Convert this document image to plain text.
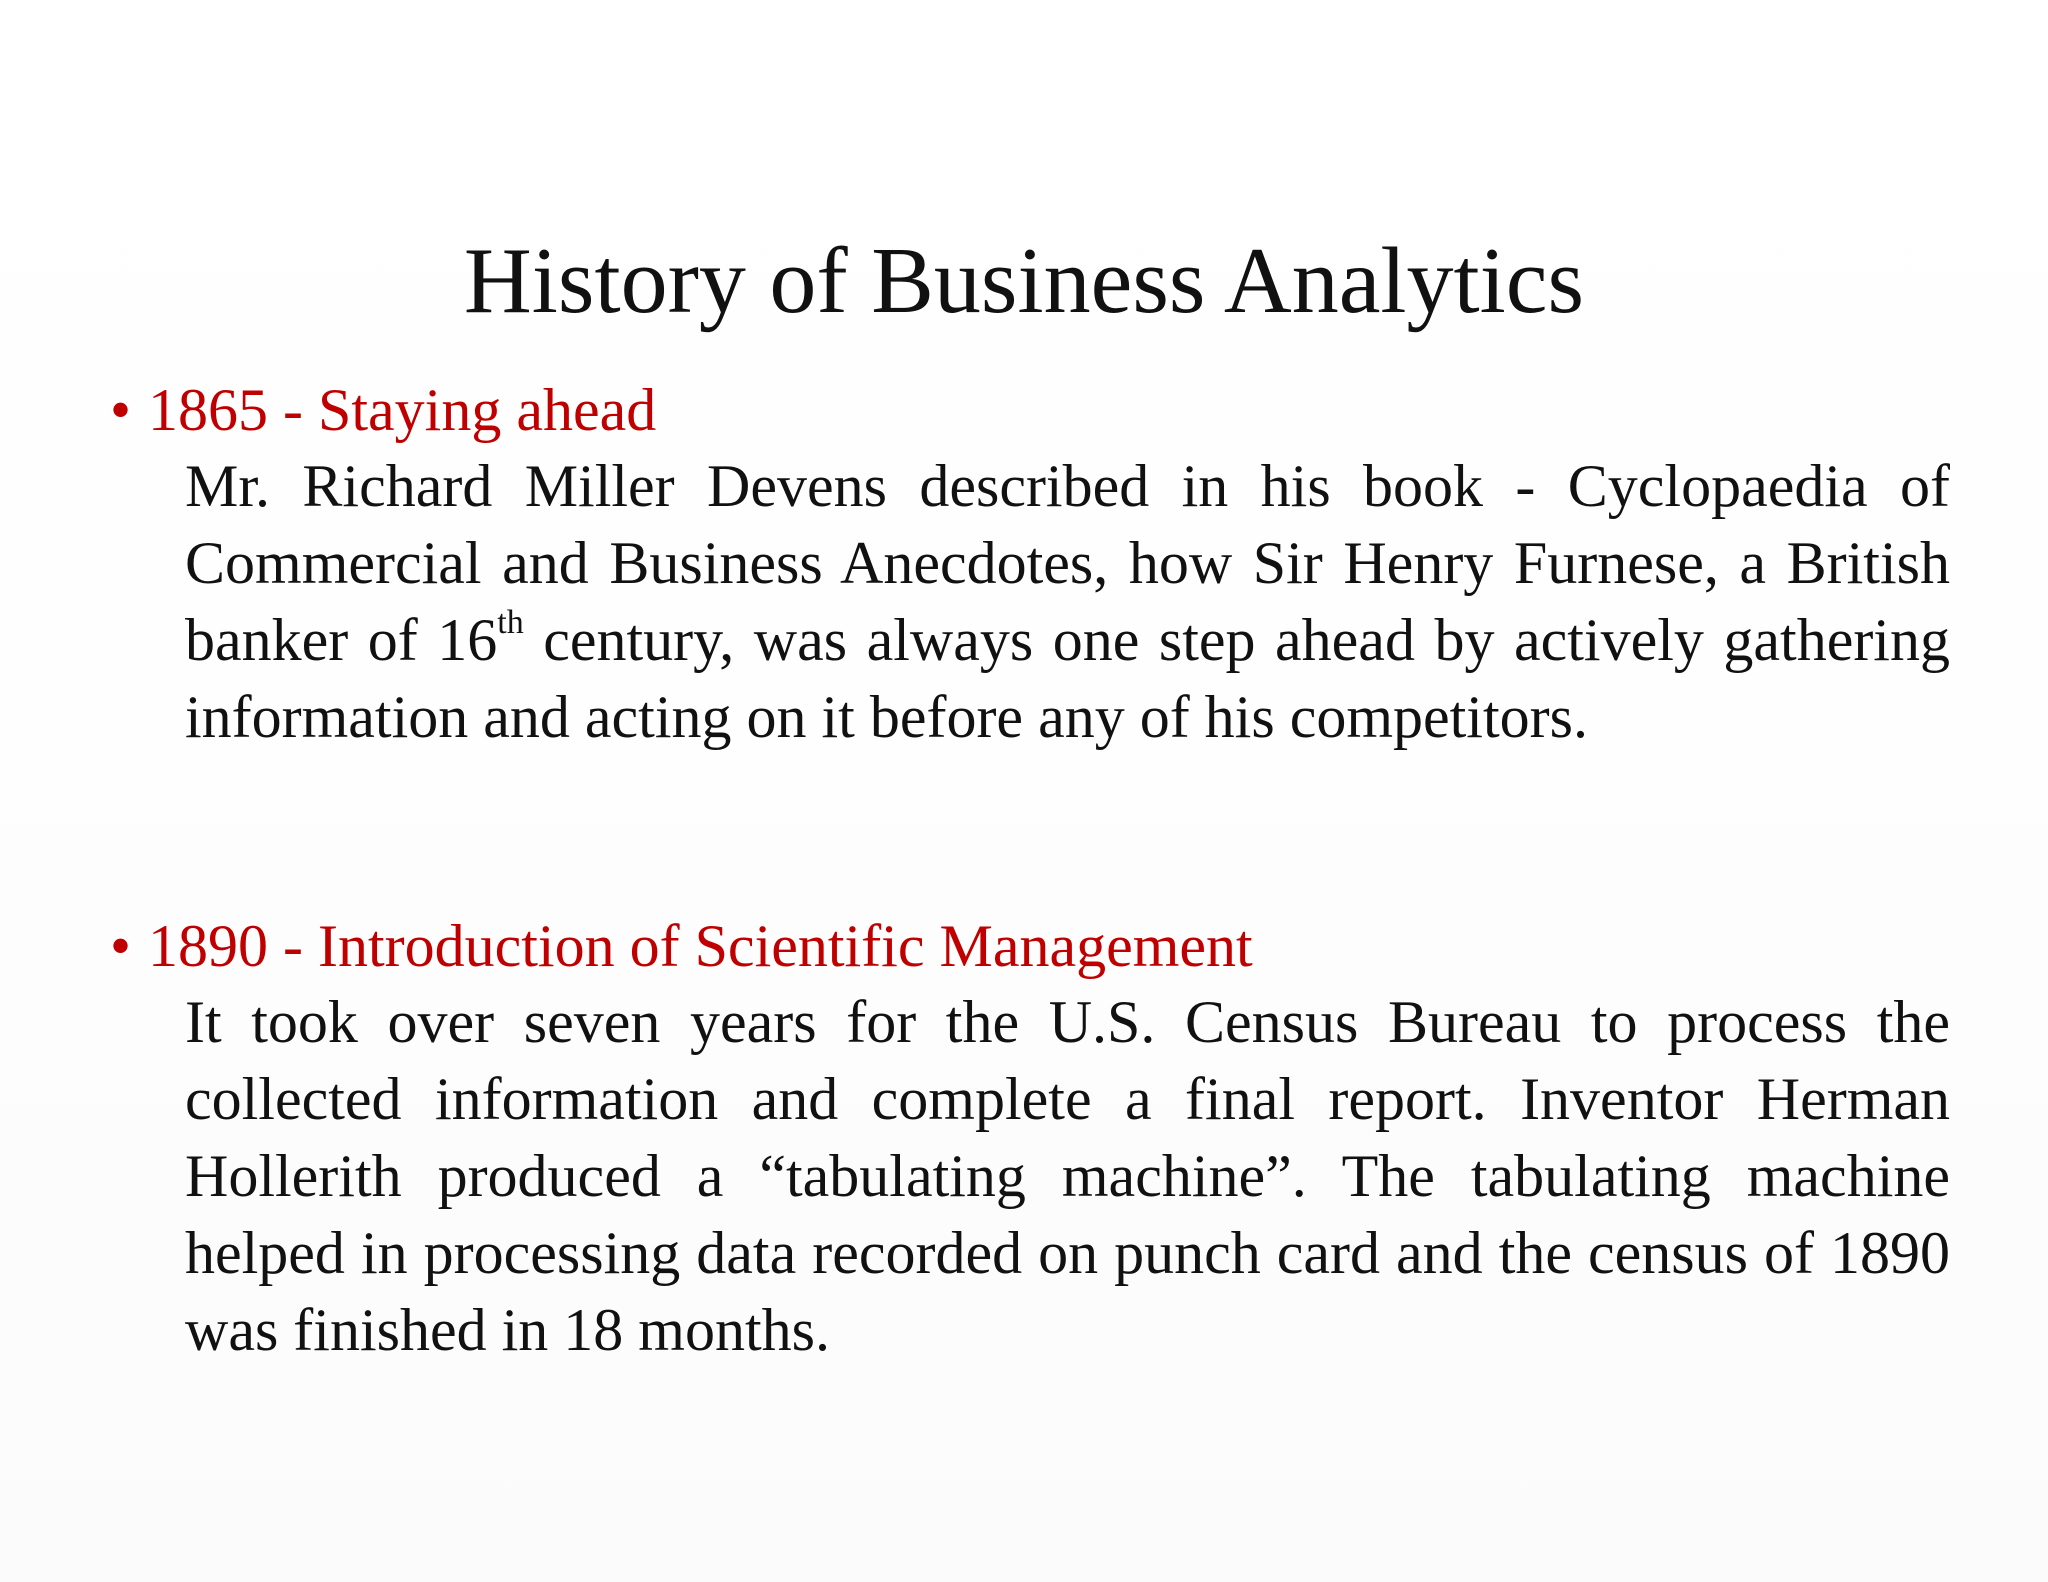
History of Business Analytics
• 1865 - Staying ahead
Mr. Richard Miller Devens described in his book - Cyclopaedia of Commercial and Business Anecdotes, how Sir Henry Furnese, a British banker of 16th century, was always one step ahead by actively gathering information and acting on it before any of his competitors.
• 1890 - Introduction of Scientific Management
It took over seven years for the U.S. Census Bureau to process the collected information and complete a final report. Inventor Herman Hollerith produced a “tabulating machine”. The tabulating machine helped in processing data recorded on punch card and the census of 1890 was finished in 18 months.
